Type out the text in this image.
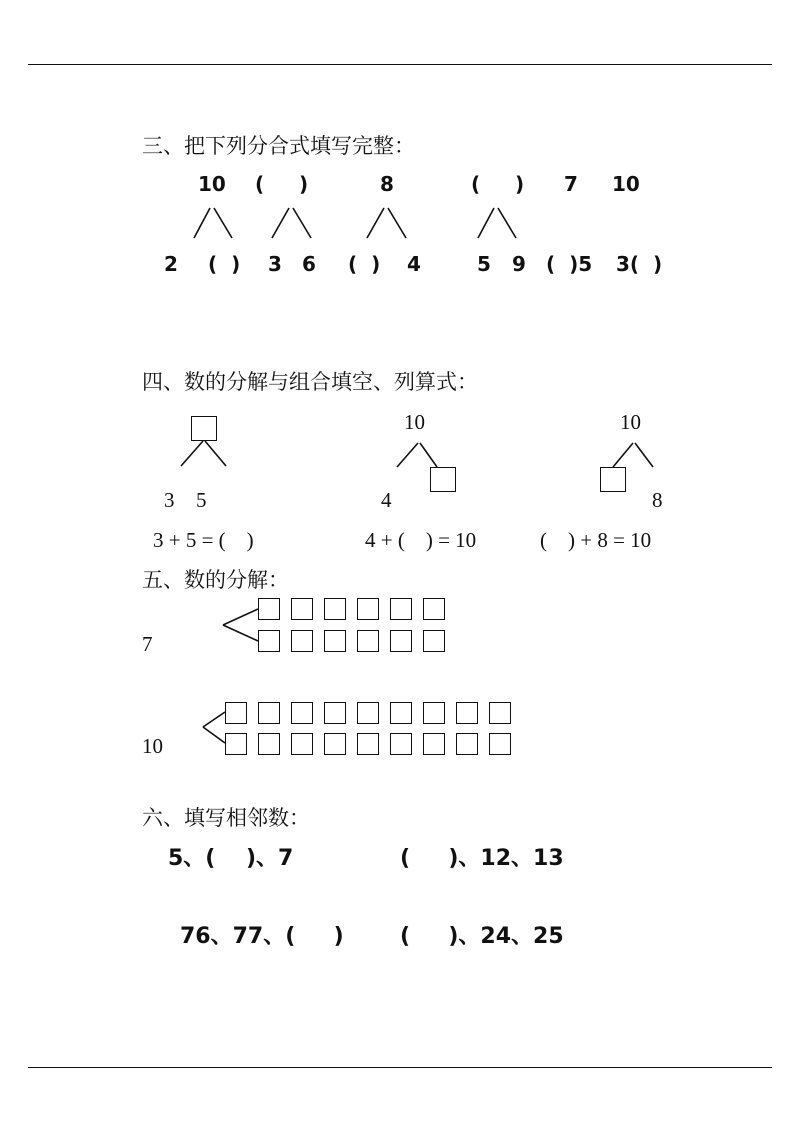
三、把下列分合式填写完整：
10
2 (  )
(     )
3 6
8
(  ) 4
(     )
5 9
7
(  )5
10
3(  )
四、数的分解与组合填空、列算式：
3 5
3 + 5 = (    )
10
4
4 + (    ) = 10
10
8
(    ) + 8 = 10
五、数的分解：
7
10
六、填写相邻数：
5、(    )、7	(     )、12、13
76、77、(     )	(     )、24、25
